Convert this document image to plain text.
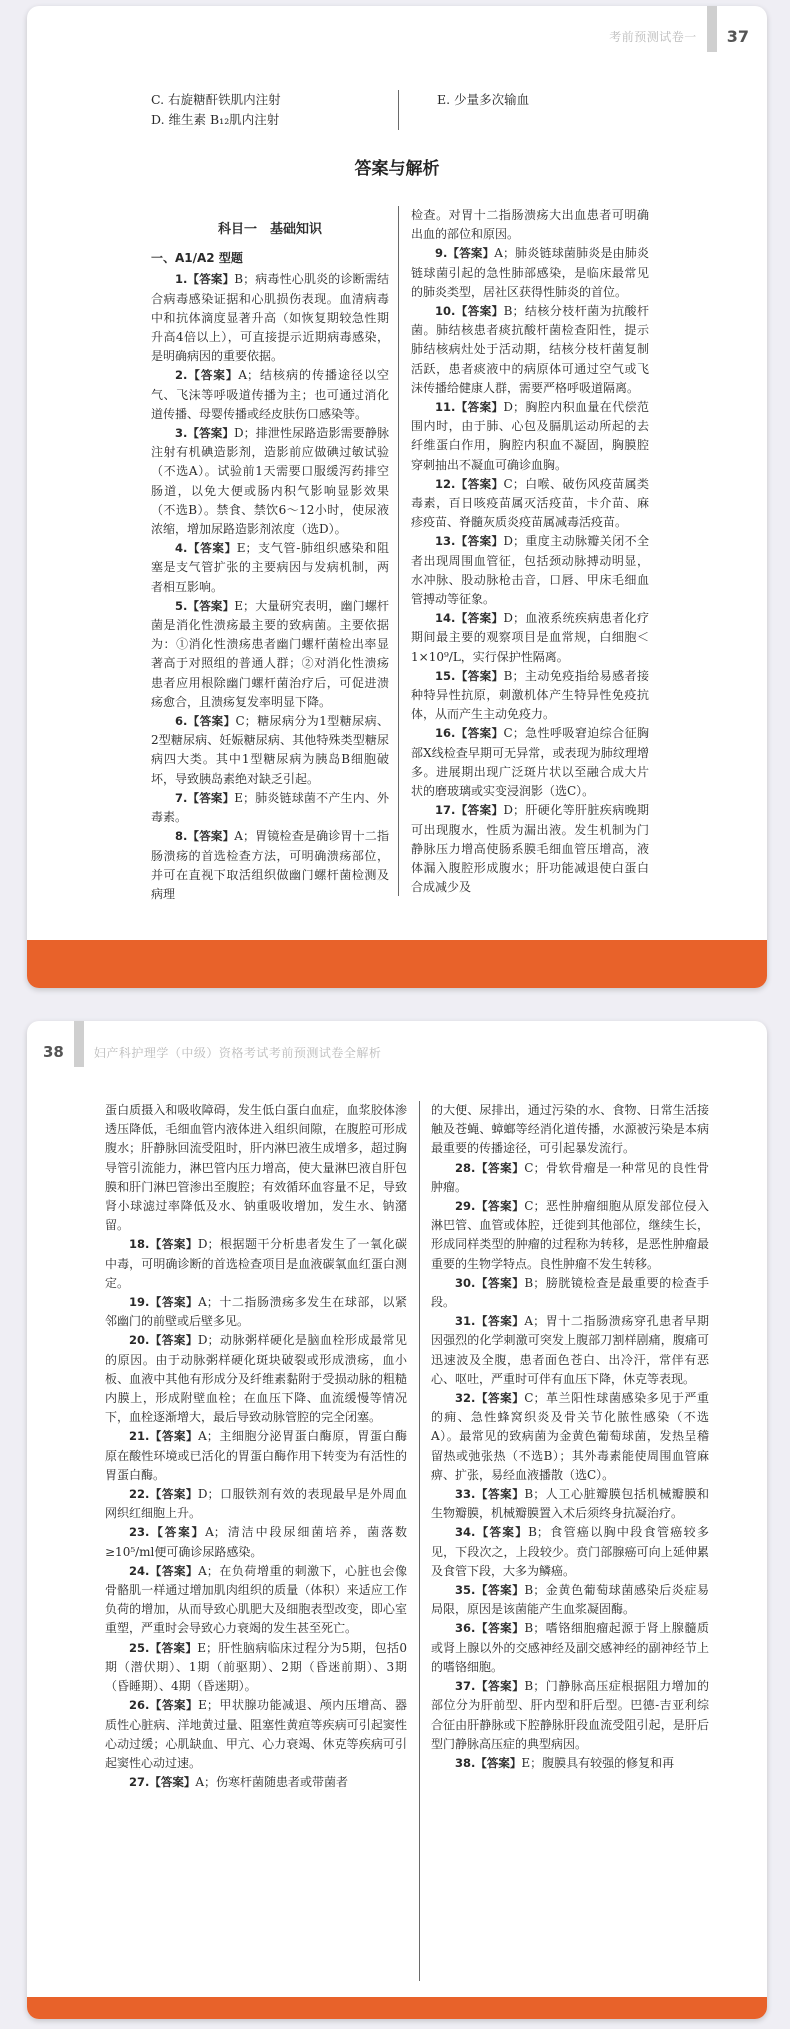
考前预测试卷一 37
C. 右旋糖酐铁肌内注射
D. 维生素 B₁₂肌内注射
E. 少量多次输血
答案与解析
科目一　基础知识
一、A1/A2 型题

1.【答案】B；病毒性心肌炎的诊断需结合病毒感染证据和心肌损伤表现。血清病毒中和抗体滴度显著升高（如恢复期较急性期升高4倍以上），可直接提示近期病毒感染，是明确病因的重要依据。

2.【答案】A；结核病的传播途径以空气、飞沫等呼吸道传播为主；也可通过消化道传播、母婴传播或经皮肤伤口感染等。

3.【答案】D；排泄性尿路造影需要静脉注射有机碘造影剂，造影前应做碘过敏试验（不选A）。试验前1天需要口服缓泻药排空肠道，以免大便或肠内积气影响显影效果（不选B）。禁食、禁饮6～12小时，使尿液浓缩，增加尿路造影剂浓度（选D）。

4.【答案】E；支气管-肺组织感染和阻塞是支气管扩张的主要病因与发病机制，两者相互影响。

5.【答案】E；大量研究表明，幽门螺杆菌是消化性溃疡最主要的致病菌。主要依据为：①消化性溃疡患者幽门螺杆菌检出率显著高于对照组的普通人群；②对消化性溃疡患者应用根除幽门螺杆菌治疗后，可促进溃疡愈合，且溃疡复发率明显下降。

6.【答案】C；糖尿病分为1型糖尿病、2型糖尿病、妊娠糖尿病、其他特殊类型糖尿病四大类。其中1型糖尿病为胰岛B细胞破坏，导致胰岛素绝对缺乏引起。

7.【答案】E；肺炎链球菌不产生内、外毒素。

8.【答案】A；胃镜检查是确诊胃十二指肠溃疡的首选检查方法，可明确溃疡部位，并可在直视下取活组织做幽门螺杆菌检测及病理

检查。对胃十二指肠溃疡大出血患者可明确出血的部位和原因。

9.【答案】A；肺炎链球菌肺炎是由肺炎链球菌引起的急性肺部感染，是临床最常见的肺炎类型，居社区获得性肺炎的首位。

10.【答案】B；结核分枝杆菌为抗酸杆菌。肺结核患者痰抗酸杆菌检查阳性，提示肺结核病灶处于活动期，结核分枝杆菌复制活跃，患者痰液中的病原体可通过空气或飞沫传播给健康人群，需要严格呼吸道隔离。

11.【答案】D；胸腔内积血量在代偿范围内时，由于肺、心包及膈肌运动所起的去纤维蛋白作用，胸腔内积血不凝固，胸膜腔穿刺抽出不凝血可确诊血胸。

12.【答案】C；白喉、破伤风疫苗属类毒素，百日咳疫苗属灭活疫苗，卡介苗、麻疹疫苗、脊髓灰质炎疫苗属减毒活疫苗。

13.【答案】D；重度主动脉瓣关闭不全者出现周围血管征，包括颈动脉搏动明显，水冲脉、股动脉枪击音，口唇、甲床毛细血管搏动等征象。

14.【答案】D；血液系统疾病患者化疗期间最主要的观察项目是血常规，白细胞＜1×10⁹/L，实行保护性隔离。

15.【答案】B；主动免疫指给易感者接种特异性抗原，刺激机体产生特异性免疫抗体，从而产生主动免疫力。

16.【答案】C；急性呼吸窘迫综合征胸部X线检查早期可无异常，或表现为肺纹理增多。进展期出现广泛斑片状以至融合成大片状的磨玻璃或实变浸润影（选C）。

17.【答案】D；肝硬化等肝脏疾病晚期可出现腹水，性质为漏出液。发生机制为门静脉压力增高使肠系膜毛细血管压增高，液体漏入腹腔形成腹水；肝功能减退使白蛋白合成减少及

38	妇产科护理学（中级）资格考试考前预测试卷全解析

蛋白质摄入和吸收障碍，发生低白蛋白血症，血浆胶体渗透压降低，毛细血管内液体进入组织间隙，在腹腔可形成腹水；肝静脉回流受阻时，肝内淋巴液生成增多，超过胸导管引流能力，淋巴管内压力增高，使大量淋巴液自肝包膜和肝门淋巴管渗出至腹腔；有效循环血容量不足，导致肾小球滤过率降低及水、钠重吸收增加，发生水、钠潴留。

18.【答案】D；根据题干分析患者发生了一氧化碳中毒，可明确诊断的首选检查项目是血液碳氧血红蛋白测定。

19.【答案】A；十二指肠溃疡多发生在球部，以紧邻幽门的前壁或后壁多见。

20.【答案】D；动脉粥样硬化是脑血栓形成最常见的原因。由于动脉粥样硬化斑块破裂或形成溃疡，血小板、血液中其他有形成分及纤维素黏附于受损动脉的粗糙内膜上，形成附壁血栓；在血压下降、血流缓慢等情况下，血栓逐渐增大，最后导致动脉管腔的完全闭塞。

21.【答案】A；主细胞分泌胃蛋白酶原，胃蛋白酶原在酸性环境或已活化的胃蛋白酶作用下转变为有活性的胃蛋白酶。

22.【答案】D；口服铁剂有效的表现最早是外周血网织红细胞上升。

23.【答案】A；清洁中段尿细菌培养，菌落数≥10⁵/ml便可确诊尿路感染。

24.【答案】A；在负荷增重的刺激下，心脏也会像骨骼肌一样通过增加肌肉组织的质量（体积）来适应工作负荷的增加，从而导致心肌肥大及细胞表型改变，即心室重塑，严重时会导致心力衰竭的发生甚至死亡。

25.【答案】E；肝性脑病临床过程分为5期，包括0期（潜伏期）、1期（前驱期）、2期（昏迷前期）、3期（昏睡期）、4期（昏迷期）。

26.【答案】E；甲状腺功能减退、颅内压增高、器质性心脏病、洋地黄过量、阻塞性黄疸等疾病可引起窦性心动过缓；心肌缺血、甲亢、心力衰竭、休克等疾病可引起窦性心动过速。

27.【答案】A；伤寒杆菌随患者或带菌者

的大便、尿排出，通过污染的水、食物、日常生活接触及苍蝇、蟑螂等经消化道传播，水源被污染是本病最重要的传播途径，可引起暴发流行。

28.【答案】C；骨软骨瘤是一种常见的良性骨肿瘤。

29.【答案】C；恶性肿瘤细胞从原发部位侵入淋巴管、血管或体腔，迁徙到其他部位，继续生长，形成同样类型的肿瘤的过程称为转移，是恶性肿瘤最重要的生物学特点。良性肿瘤不发生转移。

30.【答案】B；膀胱镜检查是最重要的检查手段。

31.【答案】A；胃十二指肠溃疡穿孔患者早期因强烈的化学刺激可突发上腹部刀割样剧痛，腹痛可迅速波及全腹，患者面色苍白、出冷汗，常伴有恶心、呕吐，严重时可伴有血压下降，休克等表现。

32.【答案】C；革兰阳性球菌感染多见于严重的痈、急性蜂窝织炎及骨关节化脓性感染（不选A）。最常见的致病菌为金黄色葡萄球菌，发热呈稽留热或弛张热（不选B）；其外毒素能使周围血管麻痹、扩张，易经血液播散（选C）。

33.【答案】B；人工心脏瓣膜包括机械瓣膜和生物瓣膜，机械瓣膜置入术后须终身抗凝治疗。

34.【答案】B；食管癌以胸中段食管癌较多见，下段次之，上段较少。贲门部腺癌可向上延伸累及食管下段，大多为鳞癌。

35.【答案】B；金黄色葡萄球菌感染后炎症易局限，原因是该菌能产生血浆凝固酶。

36.【答案】B；嗜铬细胞瘤起源于肾上腺髓质或肾上腺以外的交感神经及副交感神经的副神经节上的嗜铬细胞。

37.【答案】B；门静脉高压症根据阻力增加的部位分为肝前型、肝内型和肝后型。巴德-吉亚利综合征由肝静脉或下腔静脉肝段血流受阻引起，是肝后型门静脉高压症的典型病因。

38.【答案】E；腹膜具有较强的修复和再
